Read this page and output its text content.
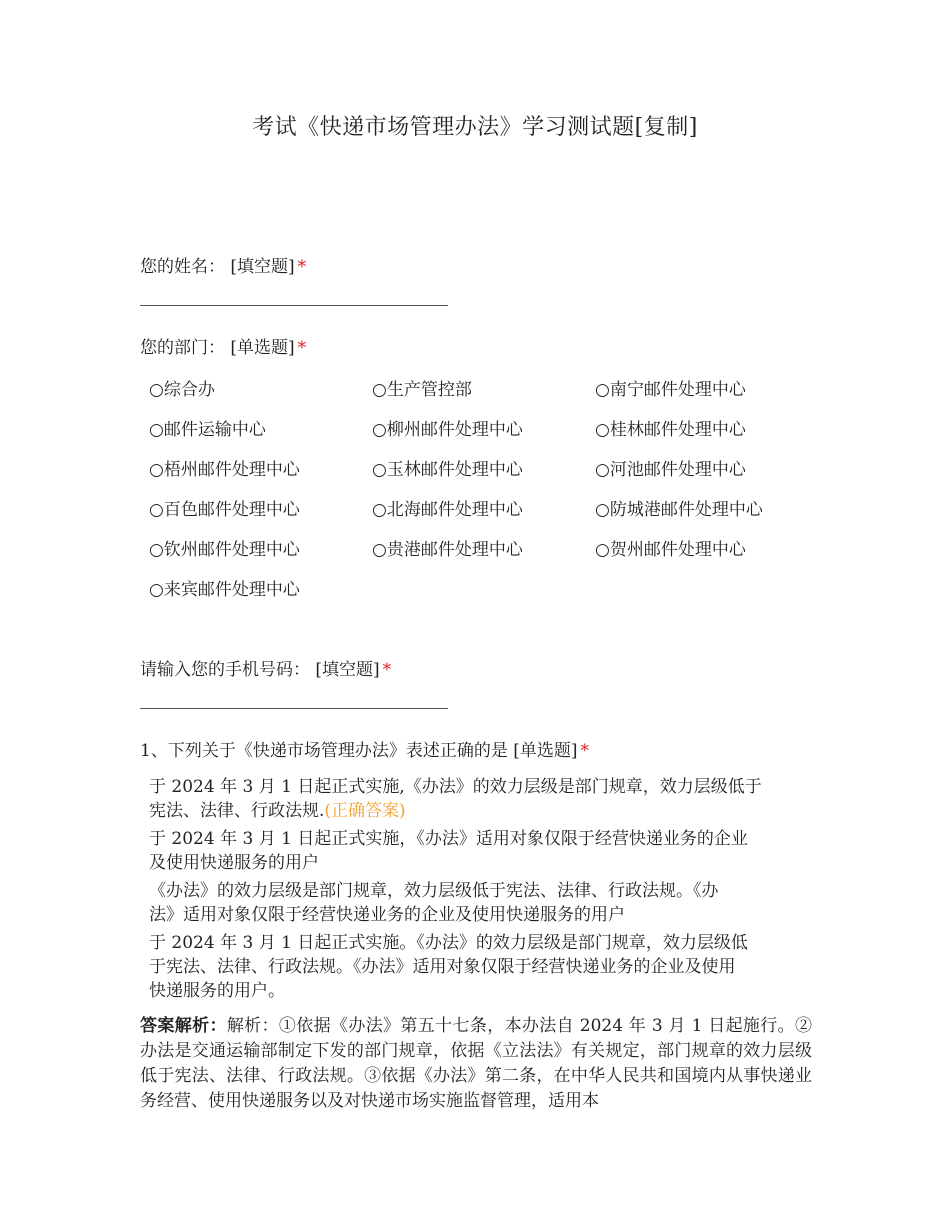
考试《快递市场管理办法》学习测试题[复制]
您的姓名： [填空题] *
您的部门： [单选题] *
○综合办	○生产管控部	○南宁邮件处理中心
○邮件运输中心	○柳州邮件处理中心	○桂林邮件处理中心
○梧州邮件处理中心	○玉林邮件处理中心	○河池邮件处理中心
○百色邮件处理中心	○北海邮件处理中心	○防城港邮件处理中心
○钦州邮件处理中心	○贵港邮件处理中心	○贺州邮件处理中心
○来宾邮件处理中心
请输入您的手机号码： [填空题] *
1、下列关于《快递市场管理办法》表述正确的是 [单选题] *
于 2024 年 3 月 1 日起正式实施,《办法》的效力层级是部门规章，效力层级低于
宪法、法律、行政法规.(正确答案)
于 2024 年 3 月 1 日起正式实施，《办法》适用对象仅限于经营快递业务的企业
及使用快递服务的用户
《办法》的效力层级是部门规章，效力层级低于宪法、法律、行政法规。《办
法》适用对象仅限于经营快递业务的企业及使用快递服务的用户
于 2024 年 3 月 1 日起正式实施。《办法》的效力层级是部门规章，效力层级低
于宪法、法律、行政法规。《办法》适用对象仅限于经营快递业务的企业及使用
快递服务的用户。
答案解析：解析：①依据《办法》第五十七条，本办法自 2024 年 3 月 1 日起施行。②办法是交通运输部制定下发的部门规章，依据《立法法》有关规定，部门规章的效力层级低于宪法、法律、行政法规。③依据《办法》第二条，在中华人民共和国境内从事快递业务经营、使用快递服务以及对快递市场实施监督管理，适用本
